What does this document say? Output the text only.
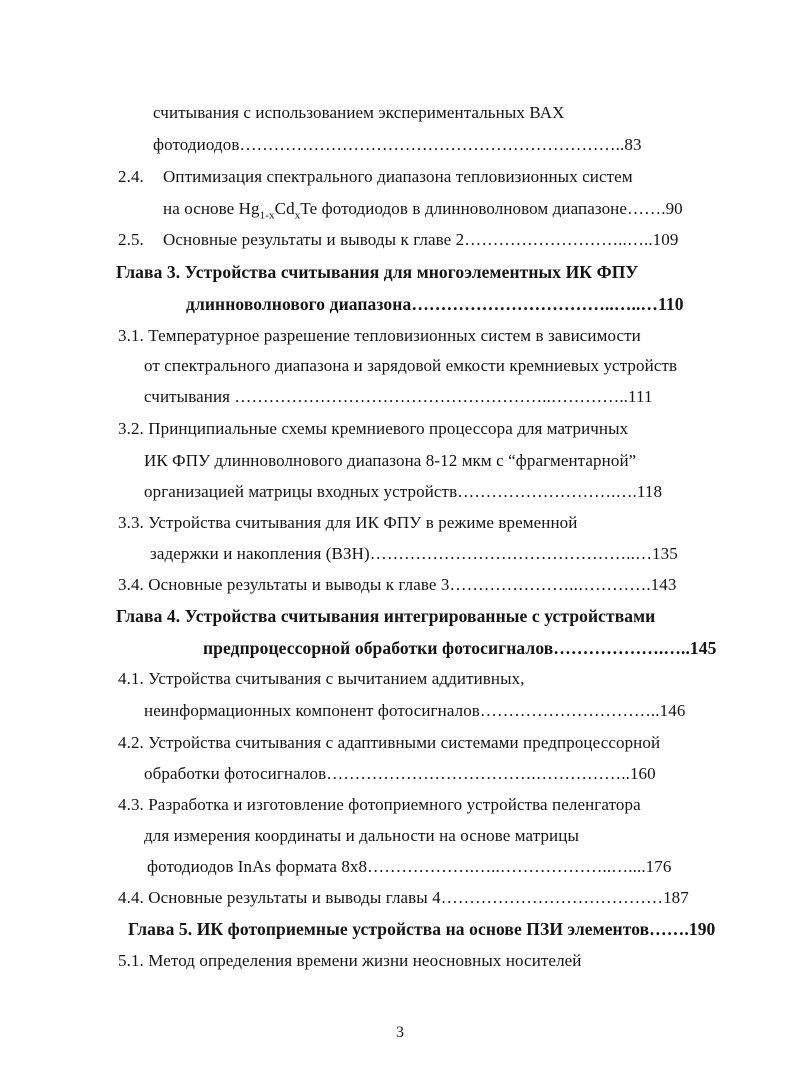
считывания с использованием экспериментальных ВАХ
фотодиодов…………………………………………………………..83
2.4. Оптимизация спектрального диапазона тепловизионных систем
на основе $Hg_{1-x}Cd_xTe$ фотодиодов в длинноволновом диапазоне…….90
2.5. Основные результаты и выводы к главе 2………………………..…..109
Глава 3. Устройства считывания для многоэлементных ИК ФПУ
длинноволнового диапазона……………………………..…..…110
3.1. Температурное разрешение тепловизионных систем в зависимости
от спектрального диапазона и зарядовой емкости кремниевых устройств
считывания ………………………………………………..…………..111
3.2. Принципиальные схемы кремниевого процессора для матричных
ИК ФПУ длинноволнового диапазона 8-12 мкм с “фрагментарной”
организацией матрицы входных устройств……………………….….118
3.3. Устройства считывания для ИК ФПУ в режиме временной
задержки и накопления (ВЗН)………………………………………..…135
3.4. Основные результаты и выводы к главе 3…………………..………….143
Глава 4. Устройства считывания интегрированные с устройствами
предпроцессорной обработки фотосигналов……………….…..145
4.1. Устройства считывания с вычитанием аддитивных,
неинформационных компонент фотосигналов…………………………..146
4.2. Устройства считывания с адаптивными системами предпроцессорной
обработки фотосигналов……………………………….……………..160
4.3. Разработка и изготовление фотоприемного устройства пеленгатора
для измерения координаты и дальности на основе матрицы
фотодиодов InAs формата 8x8……………….…..………………..…....176
4.4. Основные результаты и выводы главы 4…………………………………187
Глава 5. ИК фотоприемные устройства на основе ПЗИ элементов…….190
5.1. Метод определения времени жизни неосновных носителей
3
